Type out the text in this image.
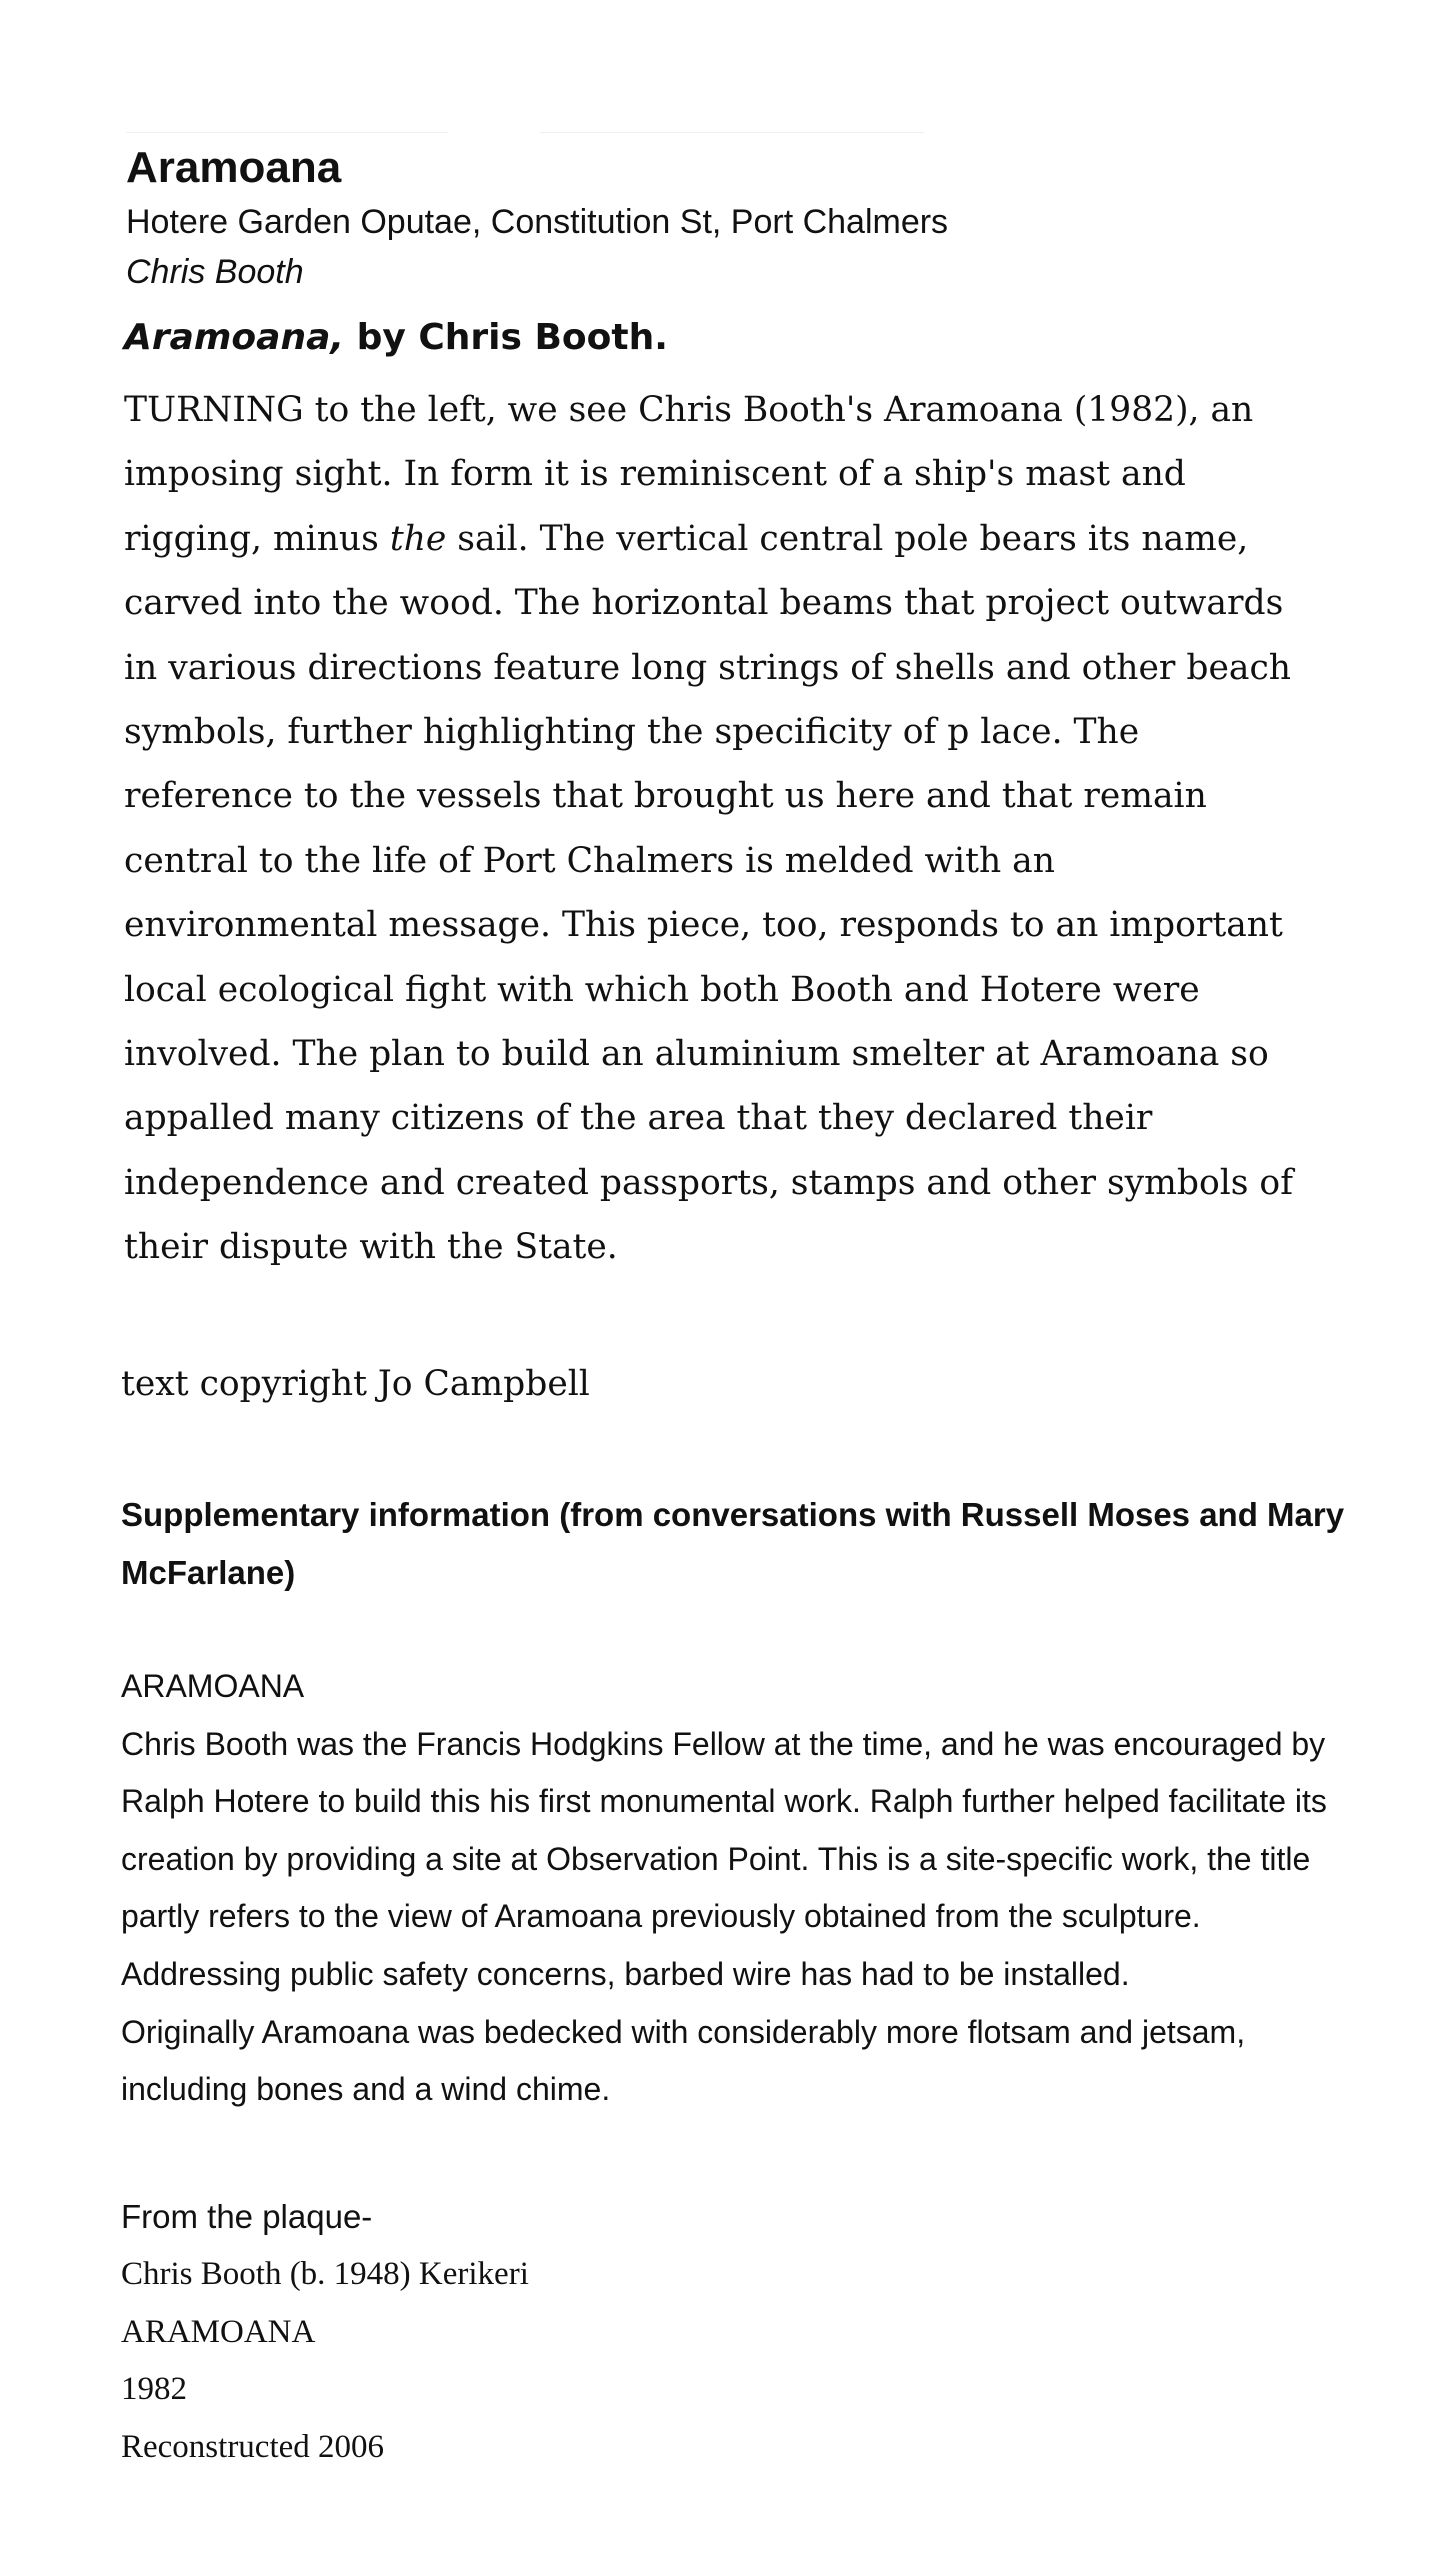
Aramoana
Hotere Garden Oputae, Constitution St, Port Chalmers
Chris Booth
Aramoana, by Chris Booth.
TURNING to the left, we see Chris Booth's Aramoana (1982), an
imposing sight. In form it is reminiscent of a ship's mast and
rigging, minus the sail. The vertical central pole bears its name,
carved into the wood. The horizontal beams that project outwards
in various directions feature long strings of shells and other beach
symbols, further highlighting the specificity of p lace. The
reference to the vessels that brought us here and that remain
central to the life of Port Chalmers is melded with an
environmental message. This piece, too, responds to an important
local ecological fight with which both Booth and Hotere were
involved. The plan to build an aluminium smelter at Aramoana so
appalled many citizens of the area that they declared their
independence and created passports, stamps and other symbols of
their dispute with the State.
text copyright Jo Campbell
Supplementary information (from conversations with Russell Moses and Mary
McFarlane)
ARAMOANA
Chris Booth was the Francis Hodgkins Fellow at the time, and he was encouraged by
Ralph Hotere to build this his first monumental work. Ralph further helped facilitate its
creation by providing a site at Observation Point. This is a site-specific work, the title
partly refers to the view of Aramoana previously obtained from the sculpture.
Addressing public safety concerns, barbed wire has had to be installed.
Originally Aramoana was bedecked with considerably more flotsam and jetsam,
including bones and a wind chime.
From the plaque-
Chris Booth (b. 1948) Kerikeri
ARAMOANA
1982
Reconstructed 2006
